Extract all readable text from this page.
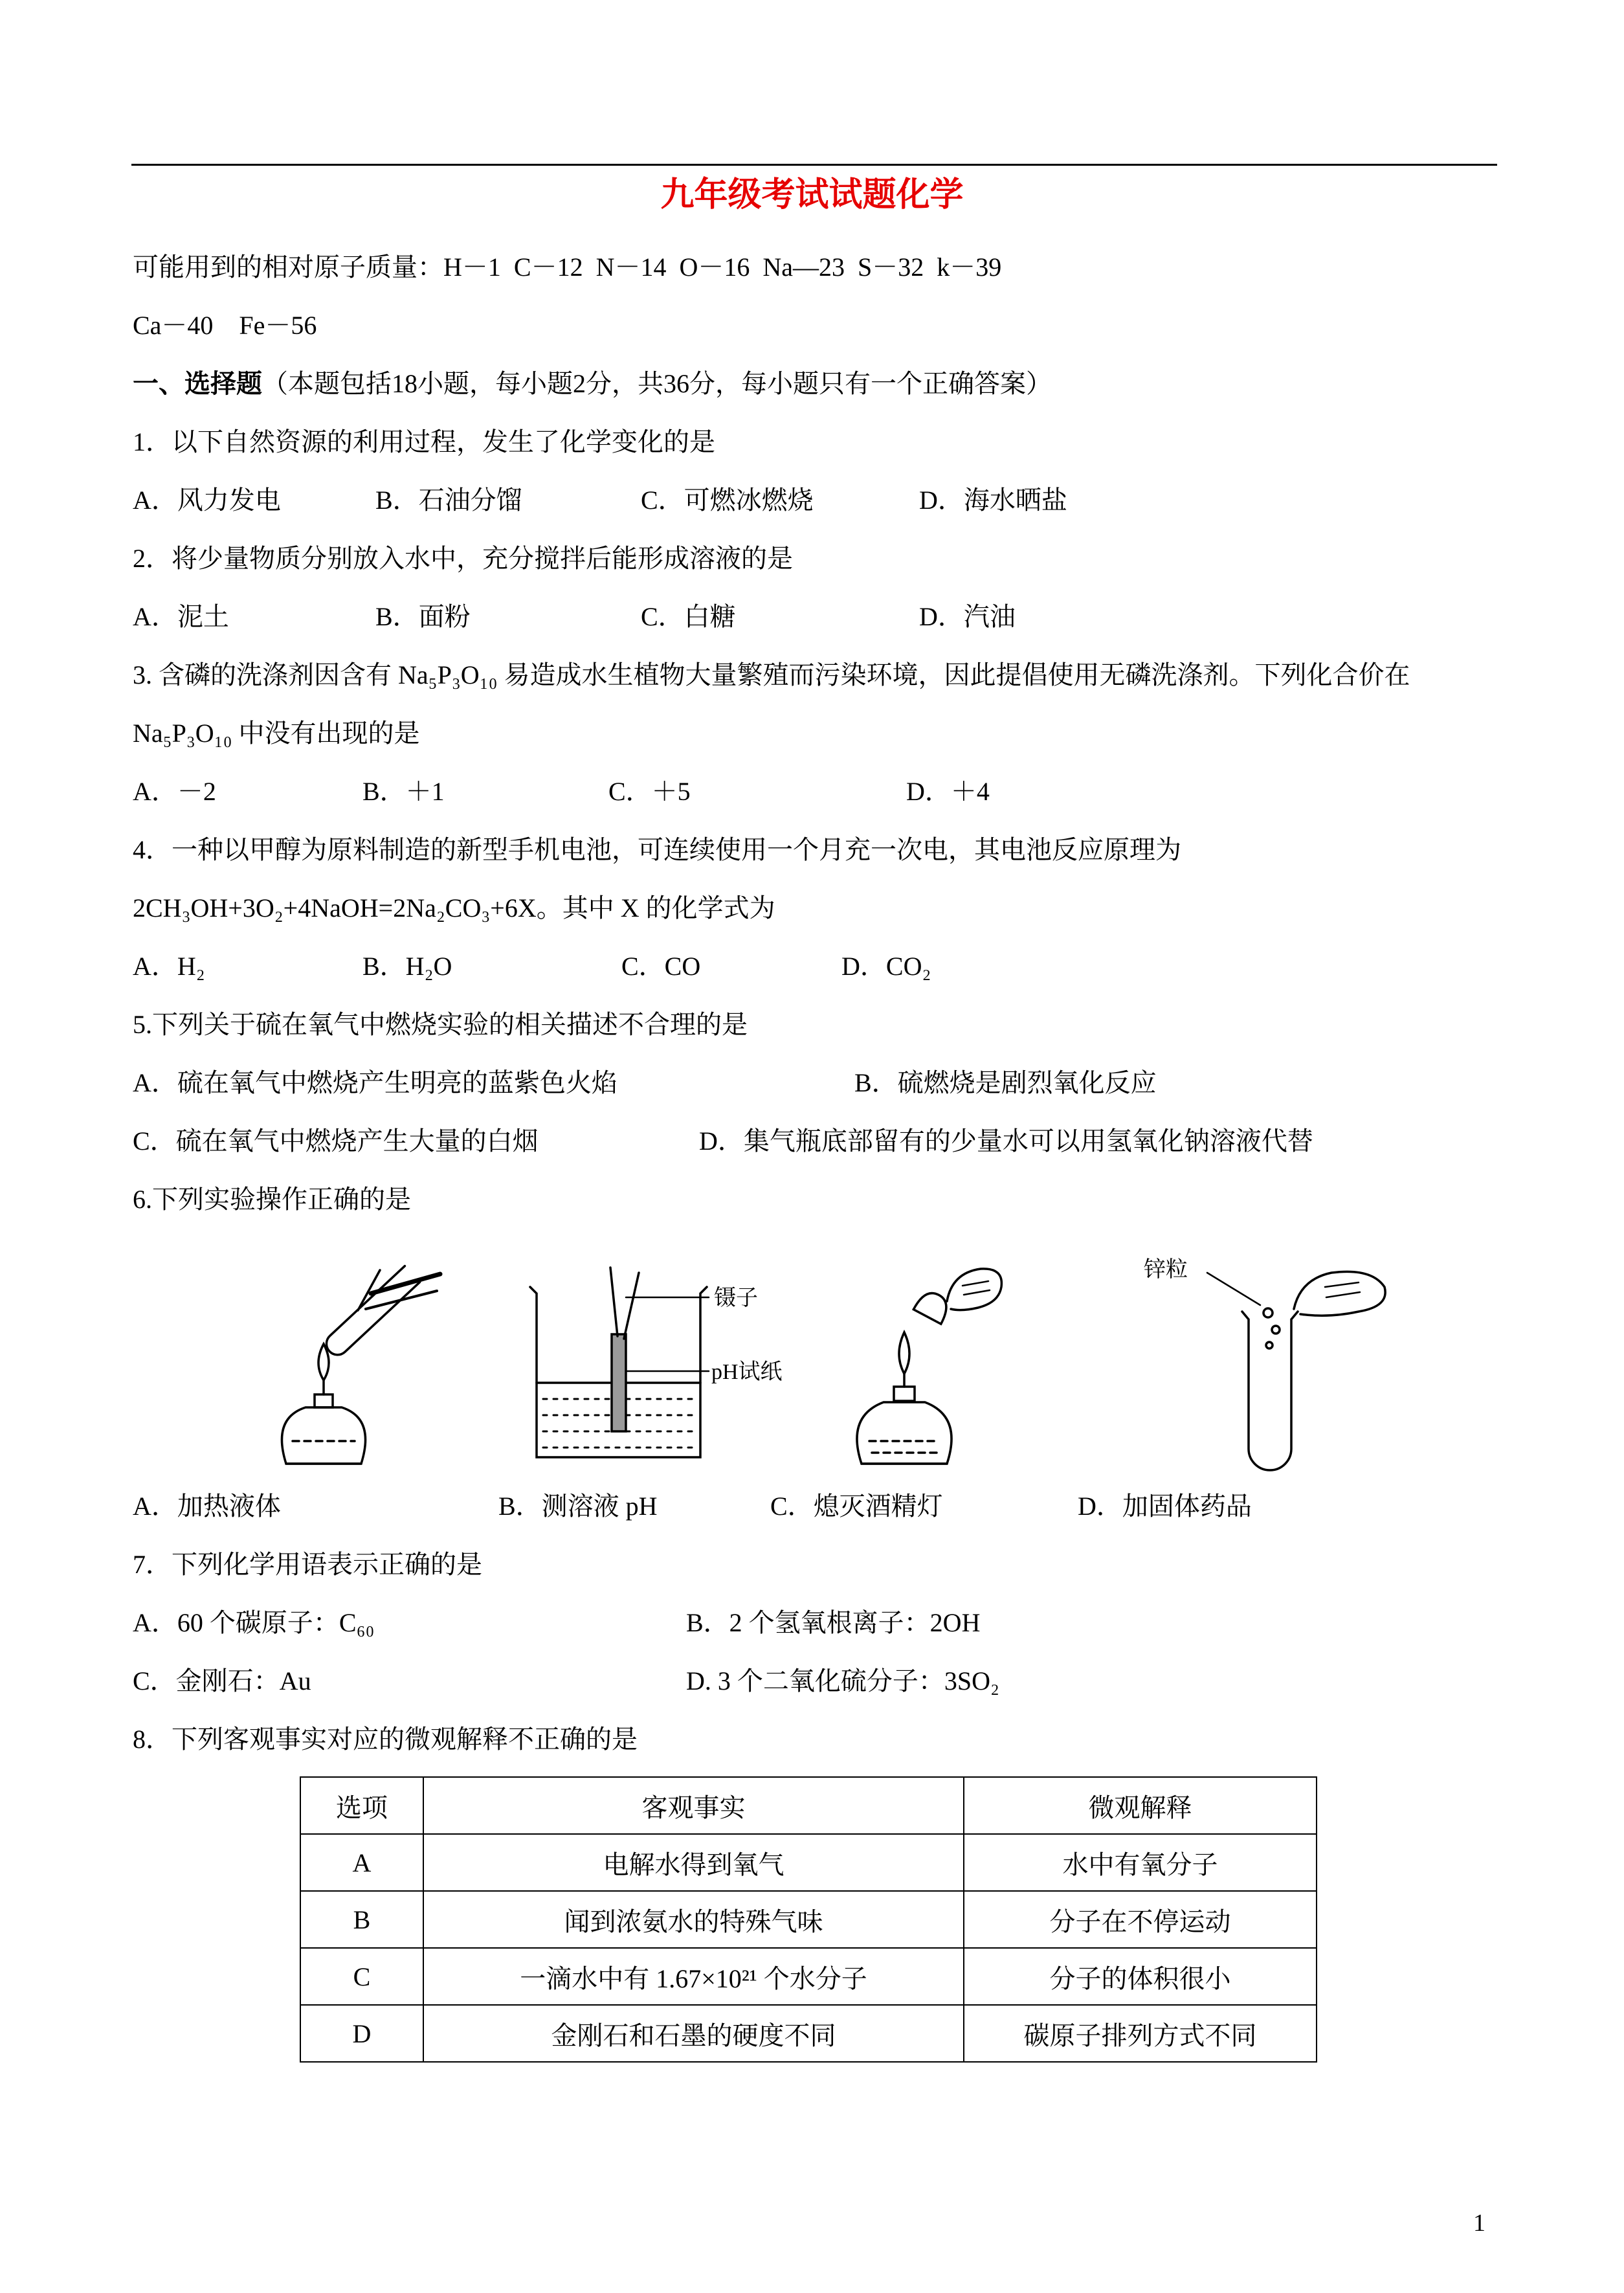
九年级考试试题化学

可能用到的相对原子质量：H－1  C－12  N－14  O－16  Na—23  S－32  k－39

Ca－40    Fe－56

一、选择题（本题包括18小题，每小题2分，共36分，每小题只有一个正确答案）

1．以下自然资源的利用过程，发生了化学变化的是

A．风力发电	B．石油分馏	C．可燃冰燃烧	D．海水晒盐

2．将少量物质分别放入水中，充分搅拌后能形成溶液的是

A．泥土	B．面粉	C．白糖	D．汽油

3. 含磷的洗涤剂因含有 Na₅P₃O₁₀ 易造成水生植物大量繁殖而污染环境，因此提倡使用无磷洗涤剂。下列化合价在 Na₅P₃O₁₀ 中没有出现的是

A．－2	B．＋1	C．＋5	D．＋4

4．一种以甲醇为原料制造的新型手机电池，可连续使用一个月充一次电，其电池反应原理为 2CH₃OH+3O₂+4NaOH=2Na₂CO₃+6X。其中 X 的化学式为

A．H₂	B．H₂O	C．CO	D．CO₂

5.下列关于硫在氧气中燃烧实验的相关描述不合理的是

A．硫在氧气中燃烧产生明亮的蓝紫色火焰	B．硫燃烧是剧烈氧化反应
C．硫在氧气中燃烧产生大量的白烟	D．集气瓶底部留有的少量水可以用氢氧化钠溶液代替

6.下列实验操作正确的是

镊子
pH试纸
锌粒
A．加热液体	B．测溶液 pH	C．熄灭酒精灯	D．加固体药品

7．下列化学用语表示正确的是

A．60 个碳原子：C₆₀	B．2 个氢氧根离子：2OH
C．金刚石：Au	D. 3 个二氧化硫分子：3SO₂

8．下列客观事实对应的微观解释不正确的是

选项	客观事实	微观解释
A	电解水得到氧气	水中有氧分子
B	闻到浓氨水的特殊气味	分子在不停运动
C	一滴水中有 1.67×10²¹ 个水分子	分子的体积很小
D	金刚石和石墨的硬度不同	碳原子排列方式不同
1
